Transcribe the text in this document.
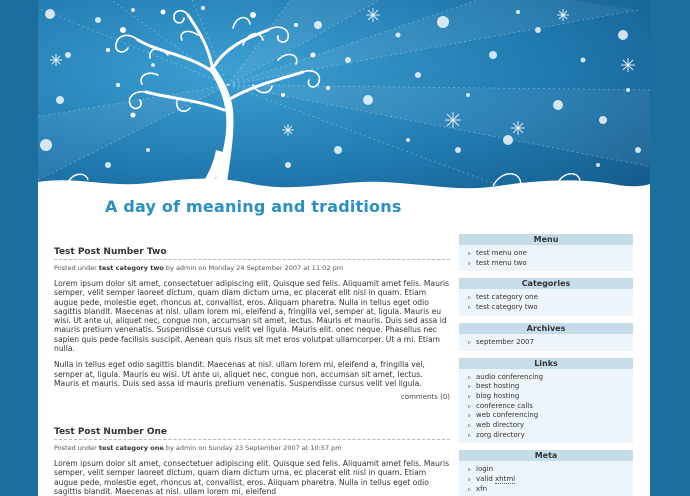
A day of meaning and traditions
Test Post Number Two
Posted under test category two by admin on Monday 24 September 2007 at 11:02 pm

Lorem ipsum dolor sit amet, consectetuer adipiscing elit. Quisque sed felis. Aliquamit amet felis. Mauris semper, velit semper laoreet dictum, quam diam dictum urna, ec placerat elit nisl in quam. Etiam augue pede, molestie eget, rhoncus at, convallist, eros. Aliquam pharetra. Nulla in tellus eget odio sagittis blandit. Maecenas at nisl. ullam lorem mi, eleifend a, fringilla vel, semper at, ligula. Mauris eu wisi. Ut ante ui, aliquet nec, congue non, accumsan sit amet, lectus. Mauris et mauris. Duis sed assa id mauris pretium venenatis. Suspendisse cursus velit vel ligula. Mauris elit. onec neque. Phasellus nec sapien quis pede facilisis suscipit. Aenean quis risus sit met eros volutpat ullamcorper. Ut a mi. Etiam nulla.

Nulla in tellus eget odio sagittis blandit. Maecenas at nisl. ullam lorem mi, eleifend a, fringilla vel, semper at, ligula. Mauris eu wisi. Ut ante ui, aliquet nec, congue non, accumsan sit amet, lectus. Mauris et mauris. Duis sed assa id mauris pretium venenatis. Suspendisse cursus velit vel ligula.

comments (0)
Test Post Number One
Posted under test category one by admin on Sunday 23 September 2007 at 10:57 pm

Lorem ipsum dolor sit amet, consectetuer adipiscing elit. Quisque sed felis. Aliquamit amet felis. Mauris semper, velit semper laoreet dictum, quam diam dictum urna, ec placerat elit nisl in quam. Etiam augue pede, molestie eget, rhoncus at, convallist, eros. Aliquam pharetra. Nulla in tellus eget odio sagittis blandit. Maecenas at nisl. ullam lorem mi, eleifend

Menu
▹ test menu one
▹ test menu two
Categories
▹ test category one
▹ test category two
Archives
▹ september 2007
Links
▹ audio conferencing
▹ best hosting
▹ blog hosting
▹ conference calls
▹ web conferencing
▹ web directory
▹ zorg directory
Meta
▹ login
▹ valid xhtml
▹ xfn
